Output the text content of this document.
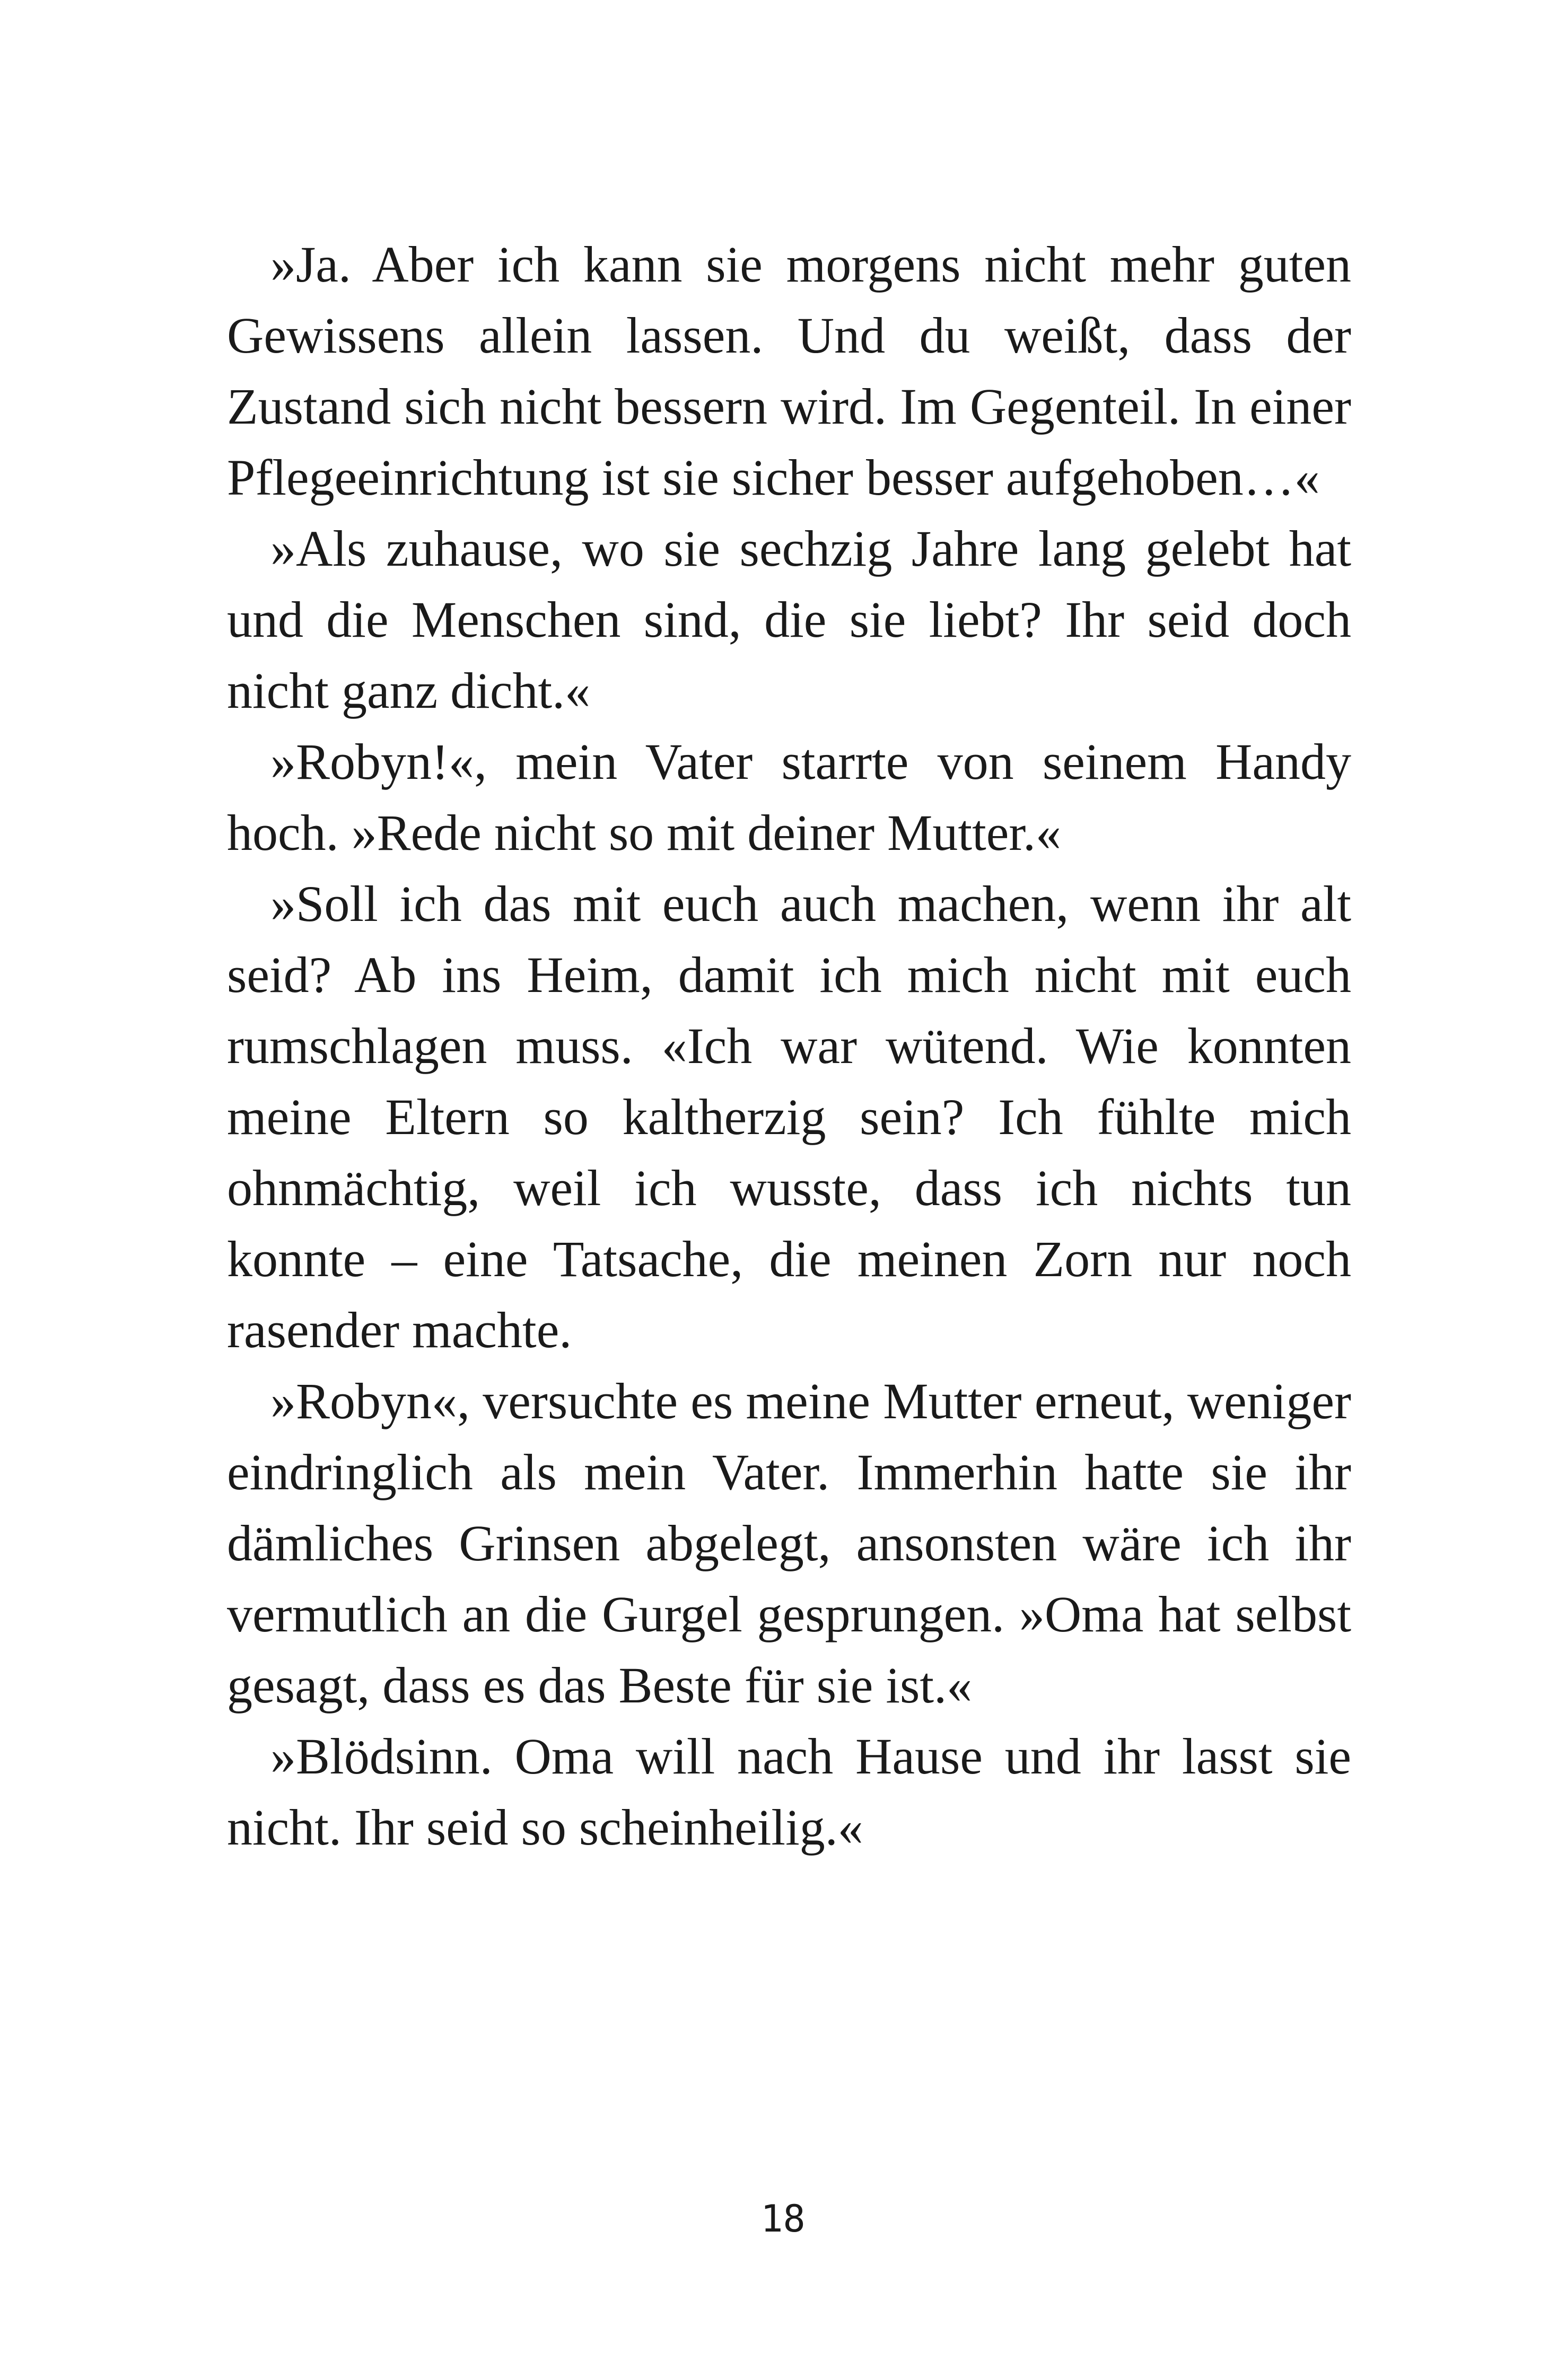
»Ja. Aber ich kann sie morgens nicht mehr guten Gewissens allein lassen. Und du weißt, dass der Zustand sich nicht bessern wird. Im Gegenteil. In einer Pflegeeinrichtung ist sie sicher besser aufgehoben…«

»Als zuhause, wo sie sechzig Jahre lang gelebt hat und die Menschen sind, die sie liebt? Ihr seid doch nicht ganz dicht.«

»Robyn!«, mein Vater starrte von seinem Handy hoch. »Rede nicht so mit deiner Mutter.«

»Soll ich das mit euch auch machen, wenn ihr alt seid? Ab ins Heim, damit ich mich nicht mit euch rumschlagen muss. «Ich war wütend. Wie konnten meine Eltern so kaltherzig sein? Ich fühlte mich ohnmächtig, weil ich wusste, dass ich nichts tun konnte – eine Tatsache, die meinen Zorn nur noch rasender machte.

»Robyn«, versuchte es meine Mutter erneut, weniger eindringlich als mein Vater. Immerhin hatte sie ihr dämliches Grinsen abgelegt, ansonsten wäre ich ihr vermutlich an die Gurgel gesprungen. »Oma hat selbst gesagt, dass es das Beste für sie ist.«

»Blödsinn. Oma will nach Hause und ihr lasst sie nicht. Ihr seid so scheinheilig.«

18
